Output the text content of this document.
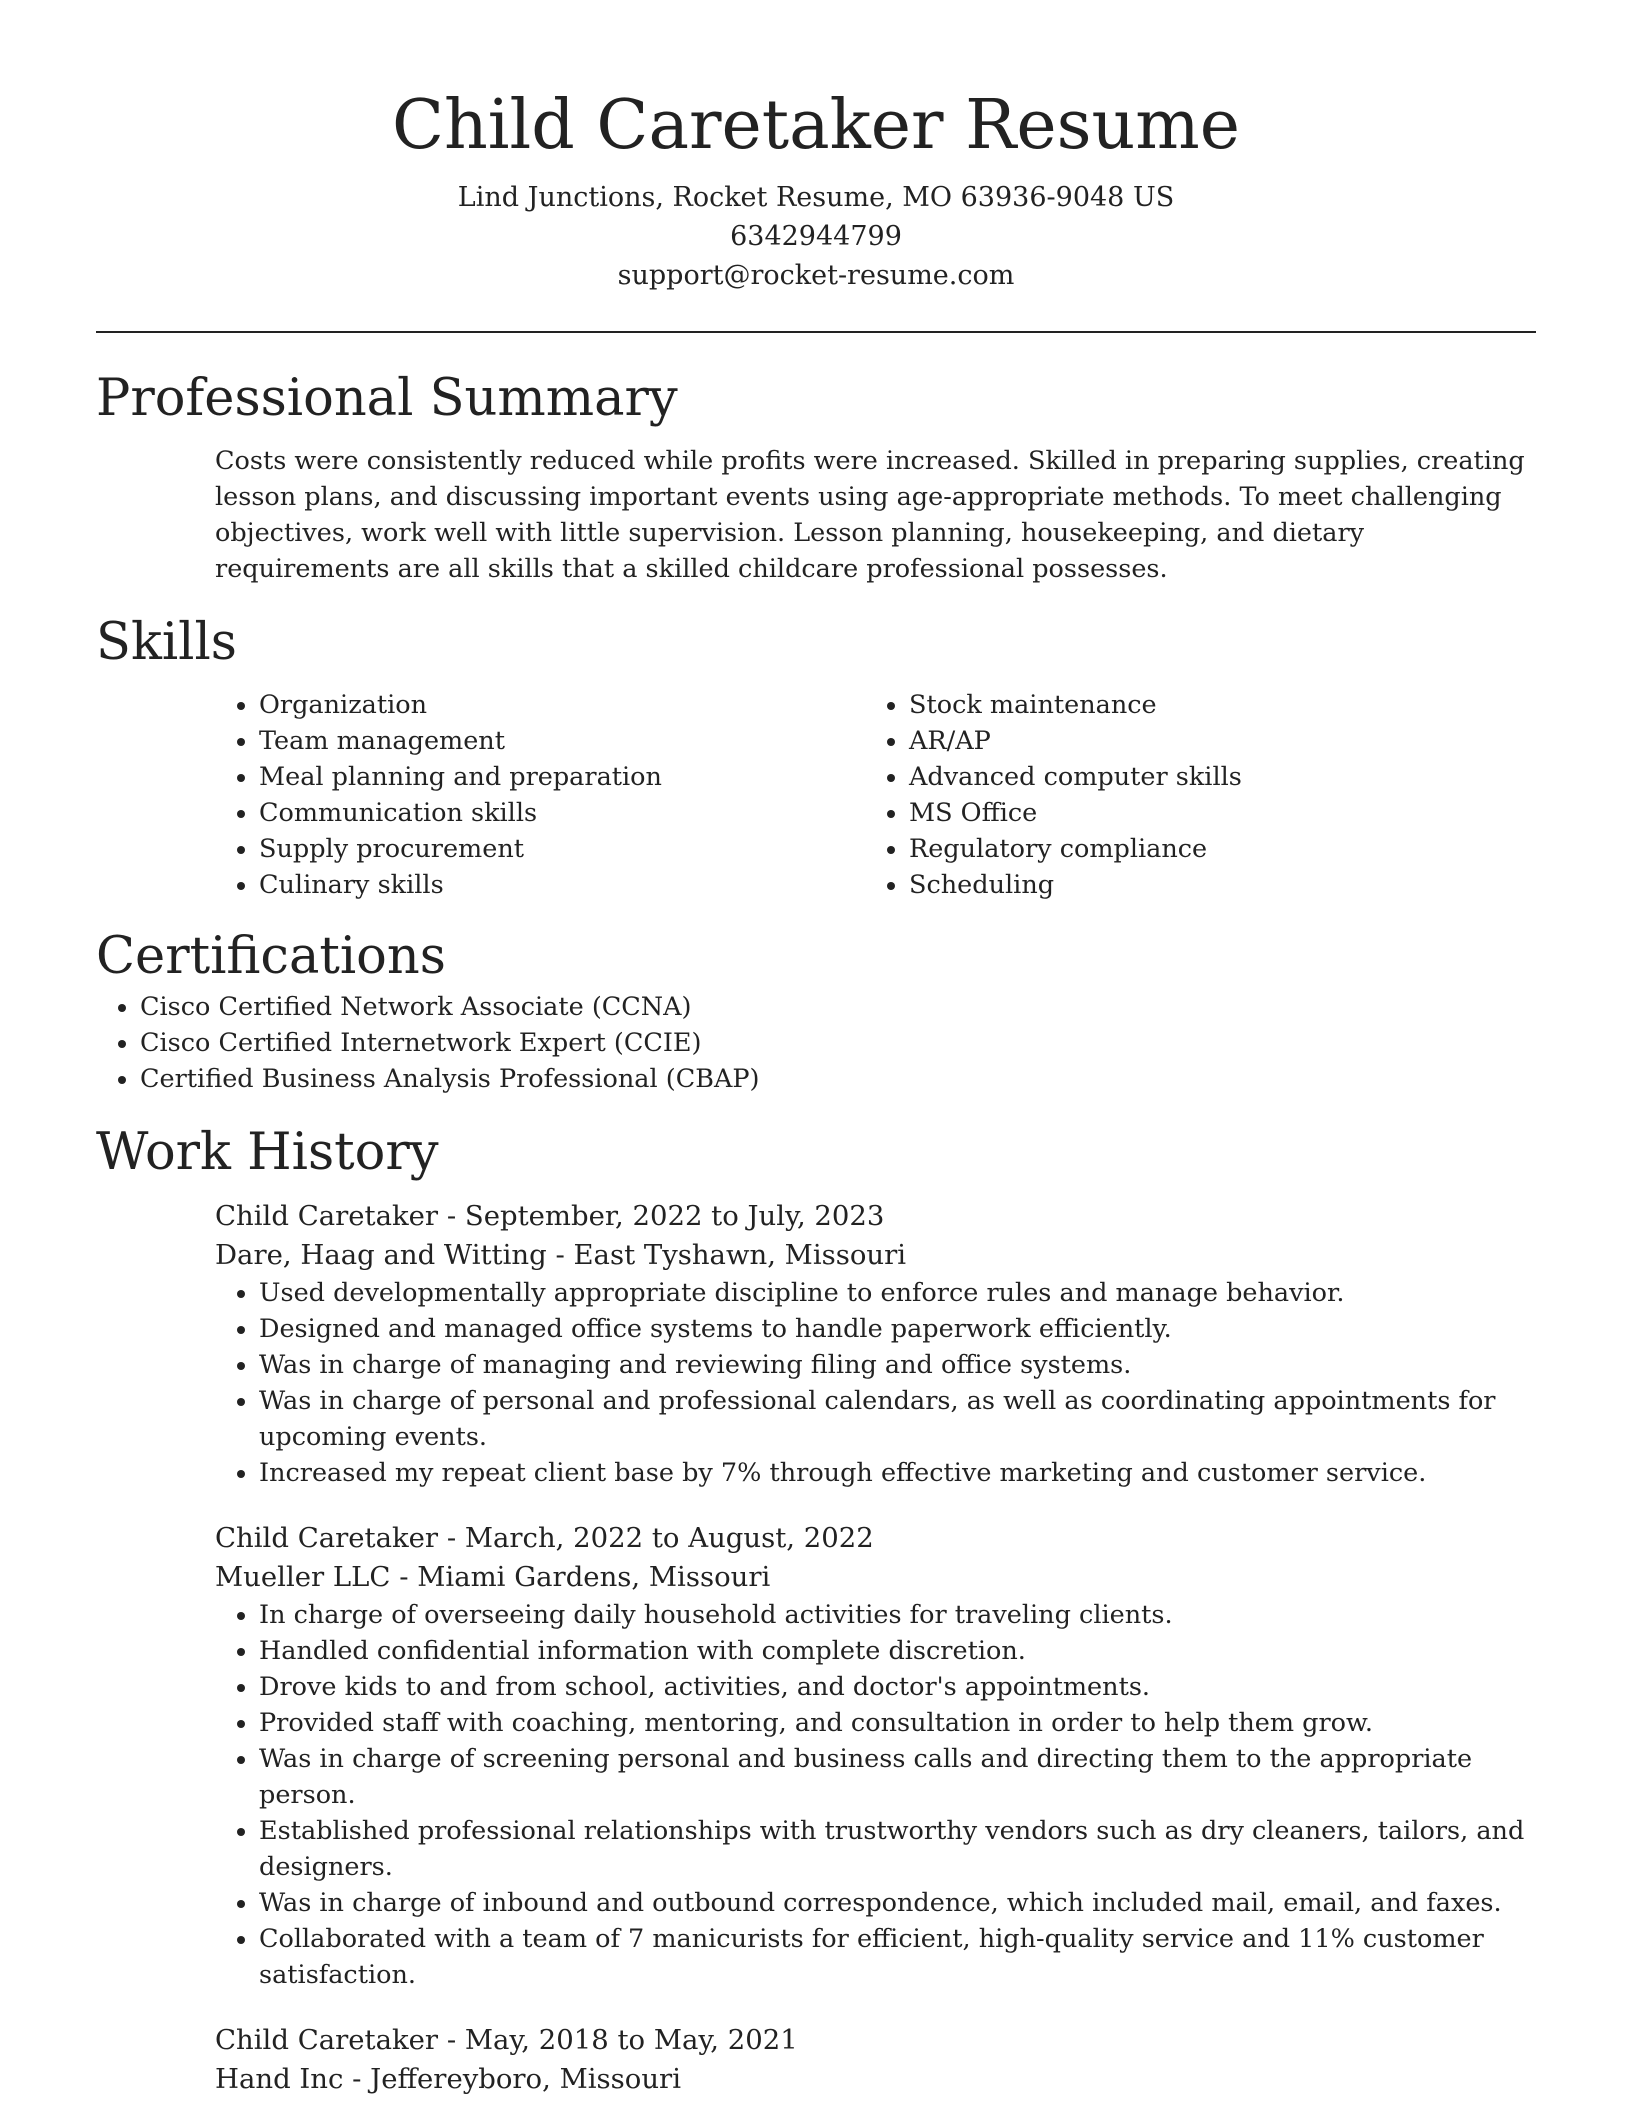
Child Caretaker Resume

Lind Junctions, Rocket Resume, MO 63936-9048 US

6342944799

support@rocket-resume.com

Professional Summary

Costs were consistently reduced while profits were increased. Skilled in preparing supplies, creating lesson plans, and discussing important events using age-appropriate methods. To meet challenging objectives, work well with little supervision. Lesson planning, housekeeping, and dietary requirements are all skills that a skilled childcare professional possesses.

Skills
• Organization
• Team management
• Meal planning and preparation
• Communication skills
• Supply procurement
• Culinary skills
• Stock maintenance
• AR/AP
• Advanced computer skills
• MS Office
• Regulatory compliance
• Scheduling
Certifications
• Cisco Certified Network Associate (CCNA)
• Cisco Certified Internetwork Expert (CCIE)
• Certified Business Analysis Professional (CBAP)
Work History

Child Caretaker - September, 2022 to July, 2023

Dare, Haag and Witting - East Tyshawn, Missouri

• Used developmentally appropriate discipline to enforce rules and manage behavior.
• Designed and managed office systems to handle paperwork efficiently.
• Was in charge of managing and reviewing filing and office systems.
• Was in charge of personal and professional calendars, as well as coordinating appointments for upcoming events.
• Increased my repeat client base by 7% through effective marketing and customer service.

Child Caretaker - March, 2022 to August, 2022

Mueller LLC - Miami Gardens, Missouri

• In charge of overseeing daily household activities for traveling clients.
• Handled confidential information with complete discretion.
• Drove kids to and from school, activities, and doctor's appointments.
• Provided staff with coaching, mentoring, and consultation in order to help them grow.
• Was in charge of screening personal and business calls and directing them to the appropriate person.
• Established professional relationships with trustworthy vendors such as dry cleaners, tailors, and designers.
• Was in charge of inbound and outbound correspondence, which included mail, email, and faxes.
• Collaborated with a team of 7 manicurists for efficient, high-quality service and 11% customer satisfaction.

Child Caretaker - May, 2018 to May, 2021

Hand Inc - Jeffereyboro, Missouri
